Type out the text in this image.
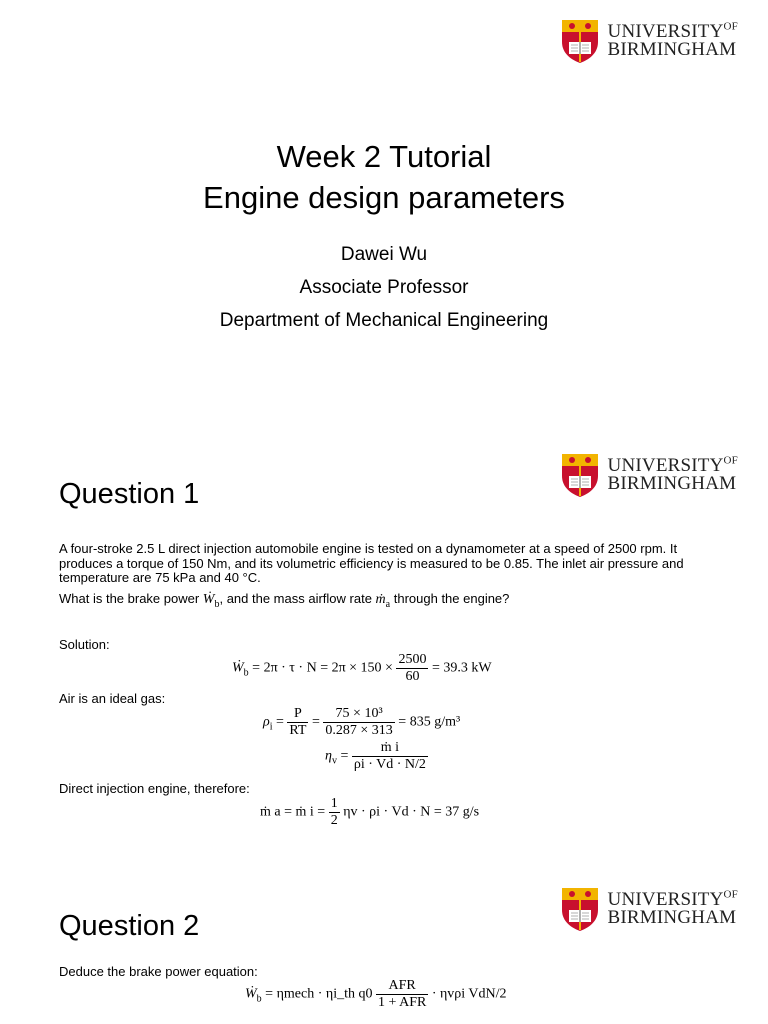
$UNIVERSITY^{OF}$
BIRMINGHAM
Week 2 Tutorial
Engine design parameters
Dawei Wu
Associate Professor
Department of Mechanical Engineering
$UNIVERSITY^{OF}$
BIRMINGHAM
Question 1
A four-stroke 2.5 L direct injection automobile engine is tested on a dynamometer at a speed of 2500 rpm. It produces a torque of 150 Nm, and its volumetric efficiency is measured to be 0.85. The inlet air pressure and temperature are 75 kPa and 40 °C.
What is the brake power Ẇ$_b$, and the mass airflow rate ṁ$_a$ through the engine?
Solution:
Ẇ$_b$ = $2\pi \cdot \tau \cdot N = 2\pi \times 150 \times \frac{2500}{60} = 39.3$ kW
Air is an ideal gas:
$\rho_i = \frac{P}{RT} = \frac{\text{75 × 10³}}{0.287 \times 313} = 835$ g/m³
$\eta_v = \frac{\text{ṁ i}}{\rho i \cdot Vd \cdot N/2}$
Direct injection engine, therefore:
ṁ a = ṁ $i = \frac{1}{2}$ ηv · ρi · Vd · N = 37 g/s
$UNIVERSITY^{OF}$
BIRMINGHAM
Question 2
Deduce the brake power equation:
Ẇ$_b$ = ηmech · ηi_th $q0 \frac{\text{AFR}}{\text{1 + AFR}} \cdot \eta v\rho i$ VdN/2
